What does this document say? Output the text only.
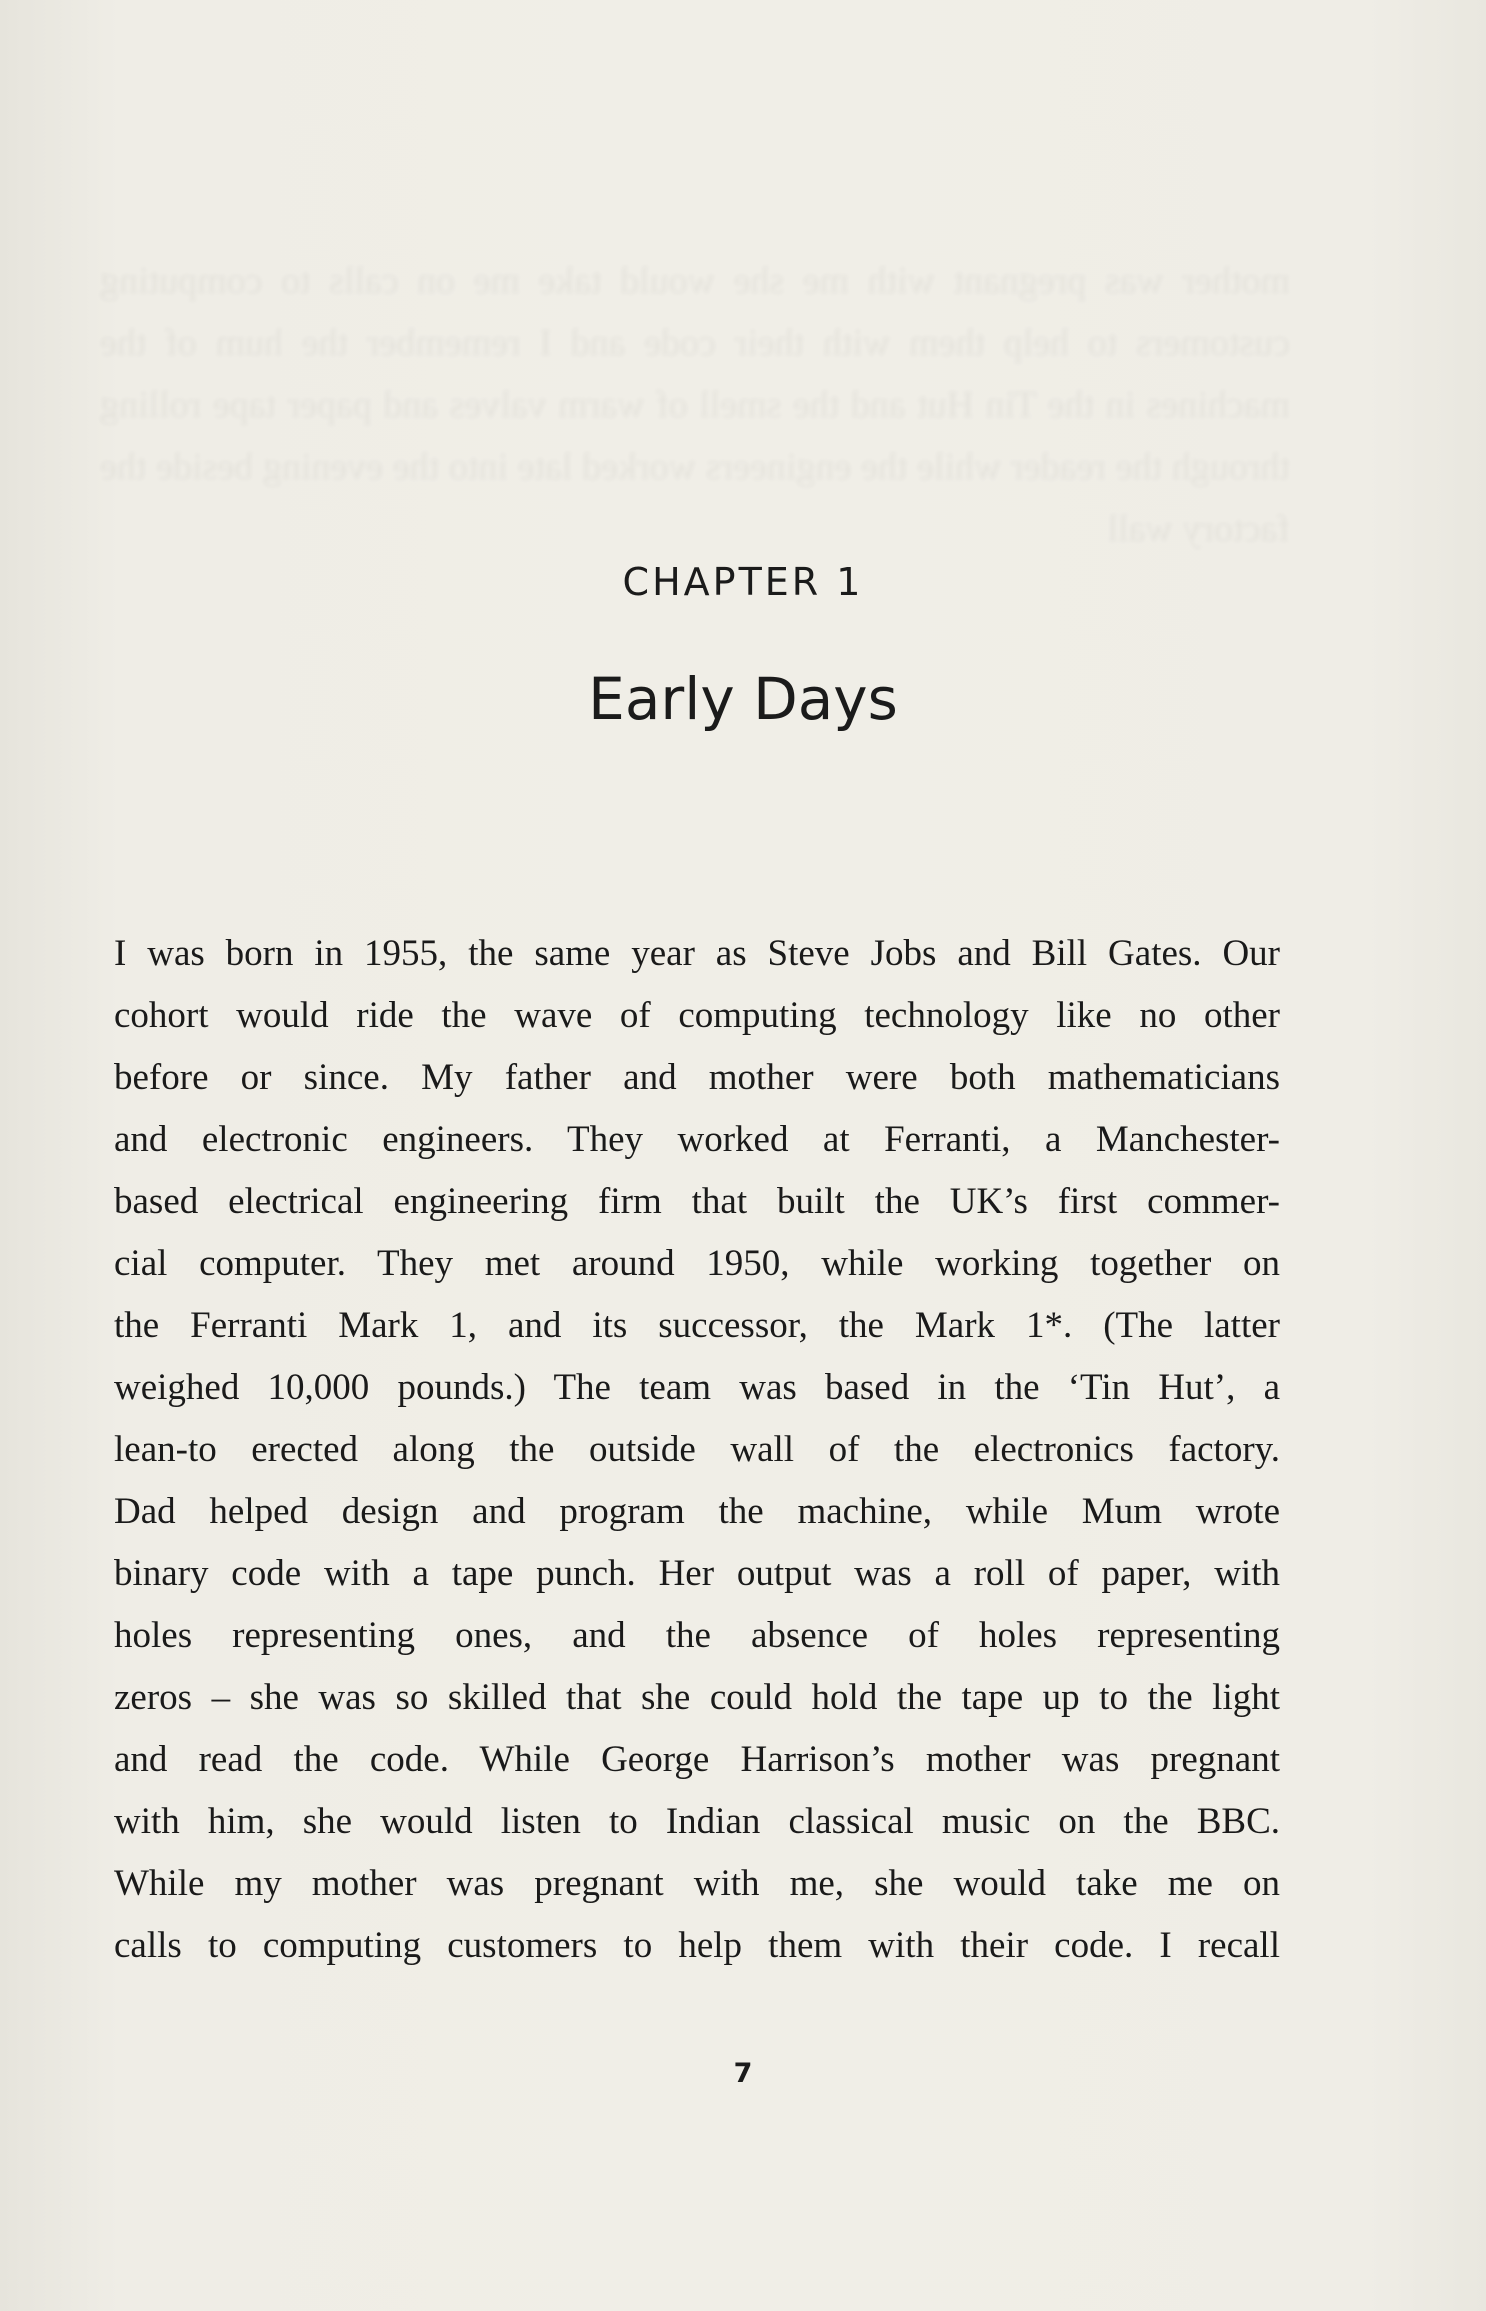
mother was pregnant with me she would take me on calls to computing customers to help them with their code and I remember the hum of the machines in the Tin Hut and the smell of warm valves and paper tape rolling through the reader while the engineers worked late into the evening beside the factory wall
CHAPTER 1
Early Days
I was born in 1955, the same year as Steve Jobs and Bill Gates. Our
cohort would ride the wave of computing technology like no other
before or since. My father and mother were both mathematicians
and electronic engineers. They worked at Ferranti, a Manchester-
based electrical engineering firm that built the UK’s first commer-
cial computer. They met around 1950, while working together on
the Ferranti Mark 1, and its successor, the Mark 1*. (The latter
weighed 10,000 pounds.) The team was based in the ‘Tin Hut’, a
lean-to erected along the outside wall of the electronics factory.
Dad helped design and program the machine, while Mum wrote
binary code with a tape punch. Her output was a roll of paper, with
holes representing ones, and the absence of holes representing
zeros – she was so skilled that she could hold the tape up to the light
and read the code. While George Harrison’s mother was pregnant
with him, she would listen to Indian classical music on the BBC.
While my mother was pregnant with me, she would take me on
calls to computing customers to help them with their code. I recall
7
